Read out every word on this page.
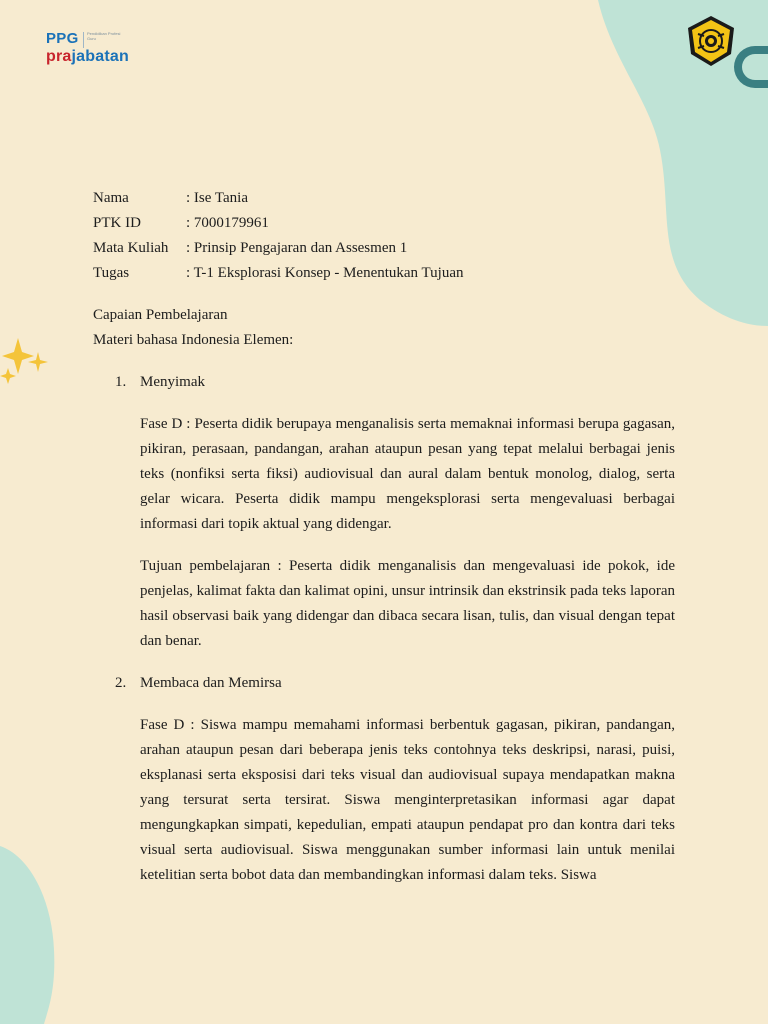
PPG	Pendidikan Profesi Guru
prajabatan
Nama	: Ise Tania
PTK ID	: 7000179961
Mata Kuliah	: Prinsip Pengajaran dan Assesmen 1
Tugas	: T-1 Eksplorasi Konsep - Menentukan Tujuan
Capaian Pembelajaran
Materi bahasa Indonesia Elemen:
1. Menyimak

Fase D : Peserta didik berupaya menganalisis serta memaknai informasi berupa gagasan, pikiran, perasaan, pandangan, arahan ataupun pesan yang tepat melalui berbagai jenis teks (nonfiksi serta fiksi) audiovisual dan aural dalam bentuk monolog, dialog, serta gelar wicara. Peserta didik mampu mengeksplorasi serta mengevaluasi berbagai informasi dari topik aktual yang didengar.

Tujuan pembelajaran : Peserta didik menganalisis dan mengevaluasi ide pokok, ide penjelas, kalimat fakta dan kalimat opini, unsur intrinsik dan ekstrinsik pada teks laporan hasil observasi baik yang didengar dan dibaca secara lisan, tulis, dan visual dengan tepat dan benar.

2. Membaca dan Memirsa

Fase D : Siswa mampu memahami informasi berbentuk gagasan, pikiran, pandangan, arahan ataupun pesan dari beberapa jenis teks contohnya teks deskripsi, narasi, puisi, eksplanasi serta eksposisi dari teks visual dan audiovisual supaya mendapatkan makna yang tersurat serta tersirat. Siswa menginterpretasikan informasi agar dapat mengungkapkan simpati, kepedulian, empati ataupun pendapat pro dan kontra dari teks visual serta audiovisual. Siswa menggunakan sumber informasi lain untuk menilai ketelitian serta bobot data dan membandingkan informasi dalam teks. Siswa
